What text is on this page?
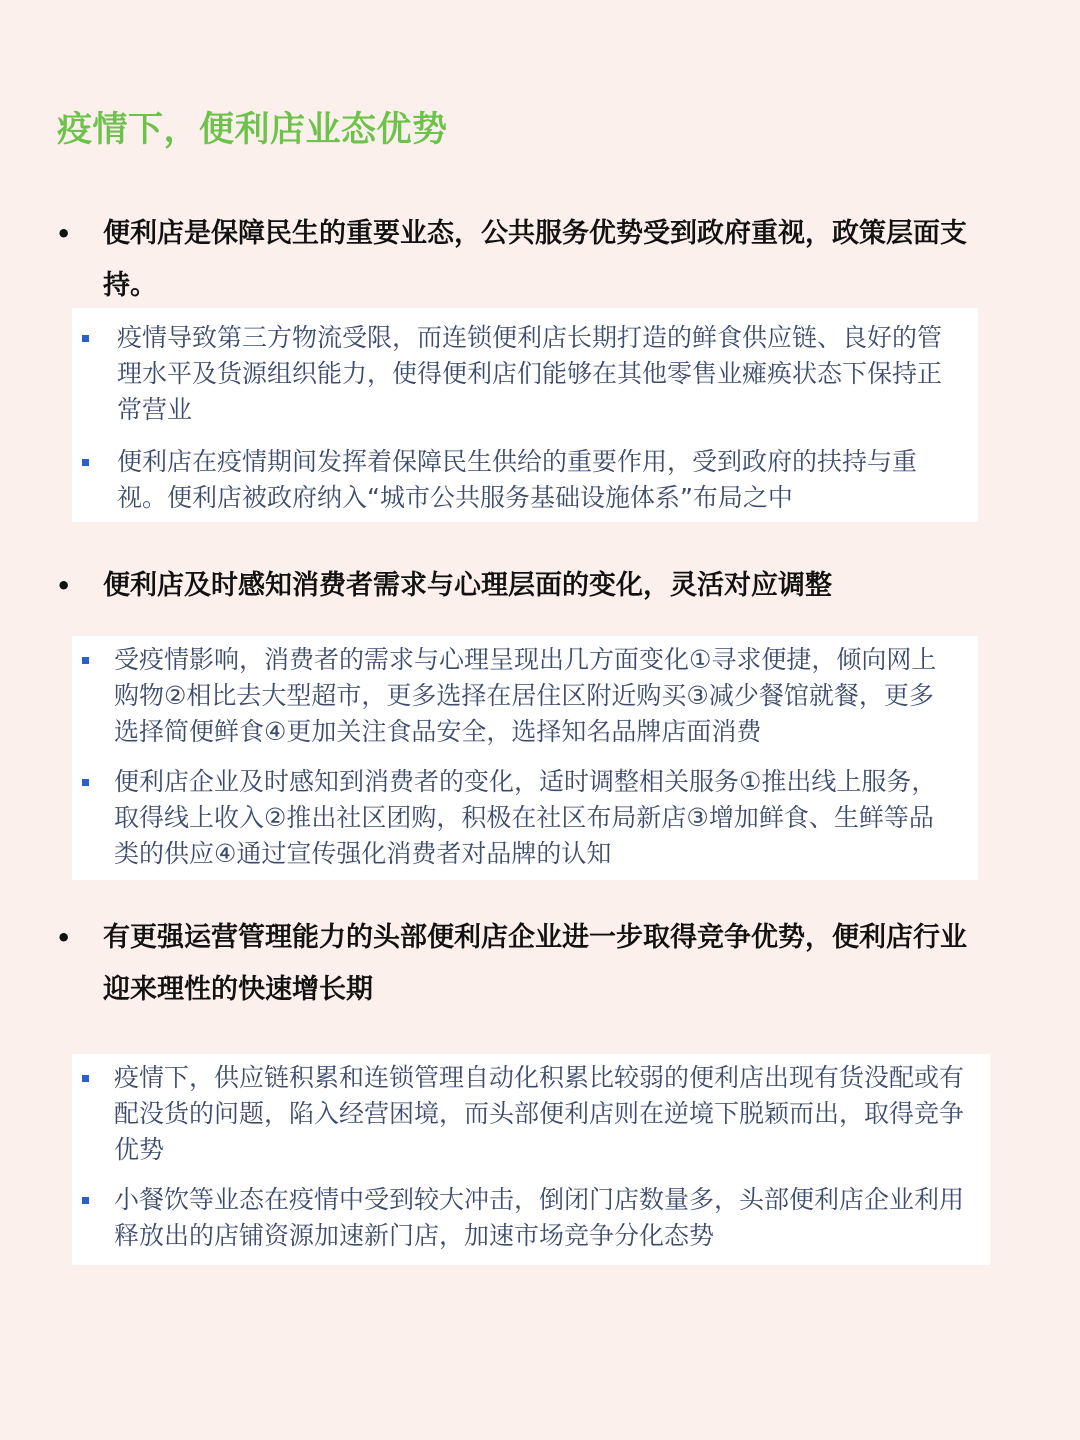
疫情下，便利店业态优势
• 便利店是保障民生的重要业态，公共服务优势受到政府重视，政策层面支持。
疫情导致第三方物流受限，而连锁便利店长期打造的鲜食供应链、良好的管理水平及货源组织能力，使得便利店们能够在其他零售业瘫痪状态下保持正常营业
便利店在疫情期间发挥着保障民生供给的重要作用，受到政府的扶持与重视。便利店被政府纳入“城市公共服务基础设施体系”布局之中
• 便利店及时感知消费者需求与心理层面的变化，灵活对应调整
受疫情影响，消费者的需求与心理呈现出几方面变化①寻求便捷，倾向网上购物②相比去大型超市，更多选择在居住区附近购买③减少餐馆就餐，更多选择简便鲜食④更加关注食品安全，选择知名品牌店面消费
便利店企业及时感知到消费者的变化，适时调整相关服务①推出线上服务，取得线上收入②推出社区团购，积极在社区布局新店③增加鲜食、生鲜等品类的供应④通过宣传强化消费者对品牌的认知
• 有更强运营管理能力的头部便利店企业进一步取得竞争优势，便利店行业迎来理性的快速增长期
疫情下，供应链积累和连锁管理自动化积累比较弱的便利店出现有货没配或有配没货的问题，陷入经营困境，而头部便利店则在逆境下脱颖而出，取得竞争优势
小餐饮等业态在疫情中受到较大冲击，倒闭门店数量多，头部便利店企业利用释放出的店铺资源加速新门店，加速市场竞争分化态势
